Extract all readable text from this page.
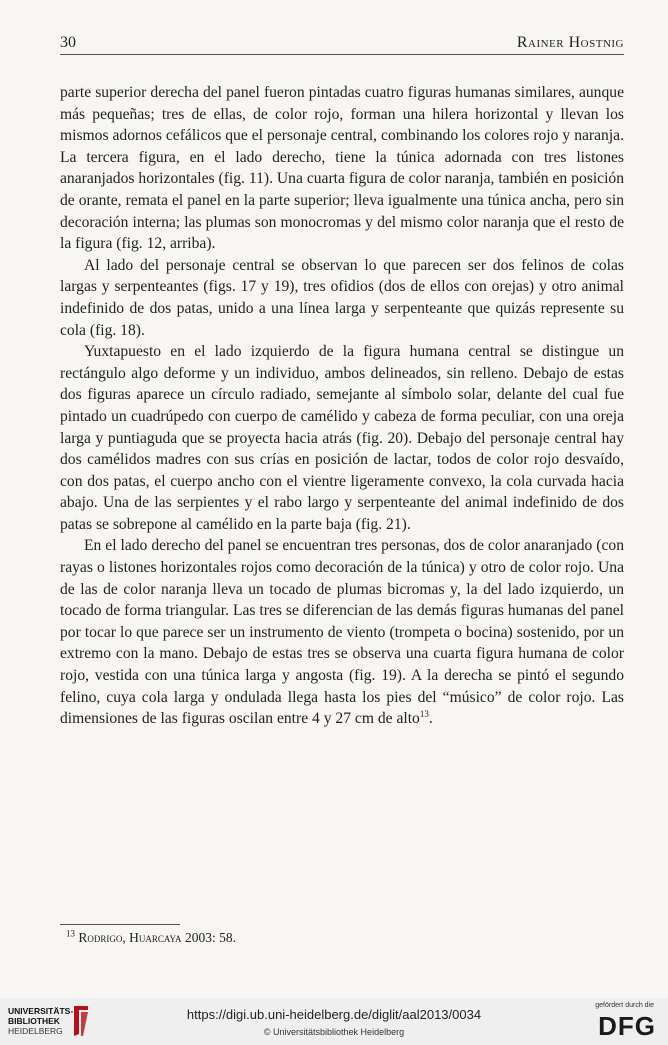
30	Rainer Hostnig

parte superior derecha del panel fueron pintadas cuatro figuras humanas similares, aunque más pequeñas; tres de ellas, de color rojo, forman una hilera horizontal y llevan los mismos adornos cefálicos que el personaje central, combinando los colores rojo y naranja. La tercera figura, en el lado derecho, tiene la túnica adornada con tres listones anaranjados horizontales (fig. 11). Una cuarta figura de color naranja, también en posición de orante, remata el panel en la parte superior; lleva igualmente una túnica ancha, pero sin decoración interna; las plumas son monocromas y del mismo color naranja que el resto de la figura (fig. 12, arriba).

Al lado del personaje central se observan lo que parecen ser dos felinos de colas largas y serpenteantes (figs. 17 y 19), tres ofidios (dos de ellos con orejas) y otro animal indefinido de dos patas, unido a una línea larga y serpenteante que quizás represente su cola (fig. 18).

Yuxtapuesto en el lado izquierdo de la figura humana central se distingue un rectángulo algo deforme y un individuo, ambos delineados, sin relleno. Debajo de estas dos figuras aparece un círculo radiado, semejante al símbolo solar, delante del cual fue pintado un cuadrúpedo con cuerpo de camélido y cabeza de forma peculiar, con una oreja larga y puntiaguda que se proyecta hacia atrás (fig. 20). Debajo del personaje central hay dos camélidos madres con sus crías en posición de lactar, todos de color rojo desvaído, con dos patas, el cuerpo ancho con el vientre ligeramente convexo, la cola curvada hacia abajo. Una de las serpientes y el rabo largo y serpenteante del animal indefinido de dos patas se sobrepone al camélido en la parte baja (fig. 21).

En el lado derecho del panel se encuentran tres personas, dos de color anaranjado (con rayas o listones horizontales rojos como decoración de la túnica) y otro de color rojo. Una de las de color naranja lleva un tocado de plumas bicromas y, la del lado izquierdo, un tocado de forma triangular. Las tres se diferencian de las demás figuras humanas del panel por tocar lo que parece ser un instrumento de viento (trompeta o bocina) sostenido, por un extremo con la mano. Debajo de estas tres se observa una cuarta figura humana de color rojo, vestida con una túnica larga y angosta (fig. 19). A la derecha se pintó el segundo felino, cuya cola larga y ondulada llega hasta los pies del “músico” de color rojo. Las dimensiones de las figuras oscilan entre 4 y 27 cm de alto$^{13}$.

$^{13}$ Rodrigo, Huarcaya 2003: 58.
UNIVERSITÄTS-
BIBLIOTHEK
HEIDELBERG
https://digi.ub.uni-heidelberg.de/diglit/aal2013/0034
© Universitätsbibliothek Heidelberg
gefördert durch die
DFG
